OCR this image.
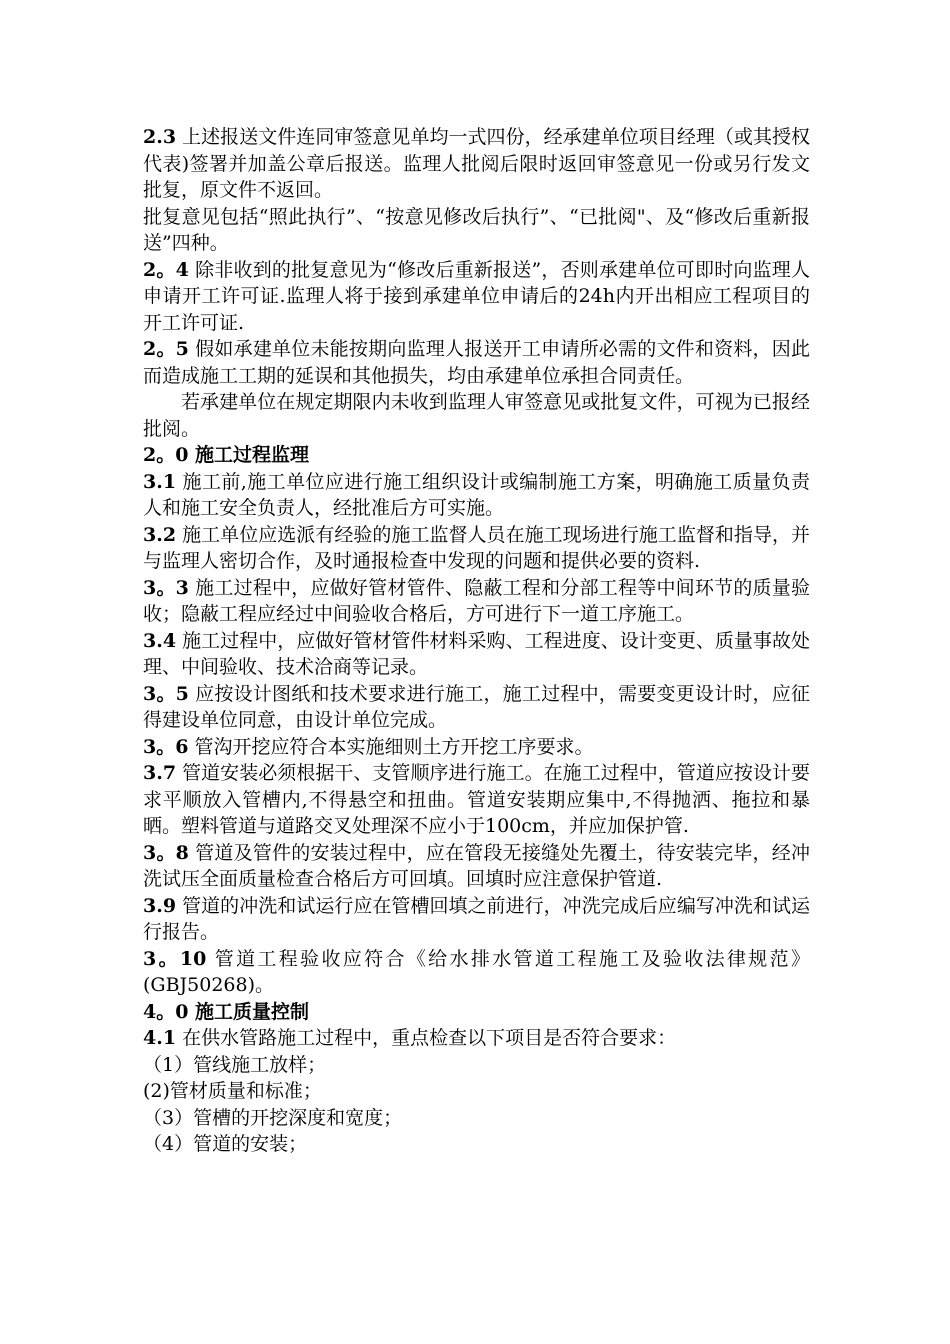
2.3 上述报送文件连同审签意见单均一式四份，经承建单位项目经理（或其授权代表)签署并加盖公章后报送。监理人批阅后限时返回审签意见一份或另行发文批复，原文件不返回。

批复意见包括“照此执行”、“按意见修改后执行”、“已批阅"、及“修改后重新报送”四种。

2。4 除非收到的批复意见为“修改后重新报送”，否则承建单位可即时向监理人申请开工许可证.监理人将于接到承建单位申请后的24h内开出相应工程项目的开工许可证.

2。5 假如承建单位未能按期向监理人报送开工申请所必需的文件和资料，因此而造成施工工期的延误和其他损失，均由承建单位承担合同责任。

若承建单位在规定期限内未收到监理人审签意见或批复文件，可视为已报经批阅。

2。0 施工过程监理

3.1 施工前,施工单位应进行施工组织设计或编制施工方案，明确施工质量负责人和施工安全负责人，经批准后方可实施。

3.2 施工单位应选派有经验的施工监督人员在施工现场进行施工监督和指导，并与监理人密切合作，及时通报检查中发现的问题和提供必要的资料.

3。3 施工过程中，应做好管材管件、隐蔽工程和分部工程等中间环节的质量验收；隐蔽工程应经过中间验收合格后，方可进行下一道工序施工。

3.4 施工过程中，应做好管材管件材料采购、工程进度、设计变更、质量事故处理、中间验收、技术洽商等记录。

3。5 应按设计图纸和技术要求进行施工，施工过程中，需要变更设计时，应征得建设单位同意，由设计单位完成。

3。6 管沟开挖应符合本实施细则土方开挖工序要求。

3.7 管道安装必须根据干、支管顺序进行施工。在施工过程中，管道应按设计要求平顺放入管槽内,不得悬空和扭曲。管道安装期应集中,不得抛洒、拖拉和暴晒。塑料管道与道路交叉处理深不应小于100cm，并应加保护管.

3。8 管道及管件的安装过程中，应在管段无接缝处先覆土，待安装完毕，经冲洗试压全面质量检查合格后方可回填。回填时应注意保护管道.

3.9 管道的冲洗和试运行应在管槽回填之前进行，冲洗完成后应编写冲洗和试运行报告。

3。10 管道工程验收应符合《给水排水管道工程施工及验收法律规范》(GBJ50268)。

4。0 施工质量控制

4.1 在供水管路施工过程中，重点检查以下项目是否符合要求：

（1）管线施工放样；

(2)管材质量和标准；

（3）管槽的开挖深度和宽度；

（4）管道的安装；
